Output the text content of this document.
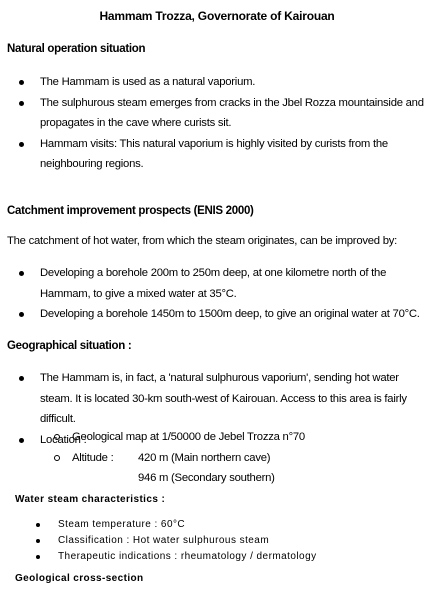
Hammam Trozza, Governorate of Kairouan
Natural operation situation
The Hammam is used as a natural vaporium.
The sulphurous steam emerges from cracks in the Jbel Rozza mountainside and propagates in the cave where curists sit.
Hammam visits: This natural vaporium is highly visited by curists from the neighbouring regions.
Catchment improvement prospects (ENIS 2000)
The catchment of hot water, from which the steam originates, can be improved by:
Developing a borehole 200m to 250m deep, at one kilometre north of the Hammam, to give a mixed water at 35°C.
Developing a borehole 1450m to 1500m deep, to give an original water at 70°C.
Geographical situation :
The Hammam is, in fact, a 'natural sulphurous vaporium', sending hot water steam. It is located 30-km south-west of Kairouan. Access to this area is fairly difficult.
Location :
Geological map at 1/50000 de Jebel Trozza n°70
Altitude : 420 m (Main northern cave)
946 m (Secondary southern)
Water steam characteristics :
Steam temperature : 60°C
Classification : Hot water sulphurous steam
Therapeutic indications : rheumatology / dermatology
Geological cross-section
